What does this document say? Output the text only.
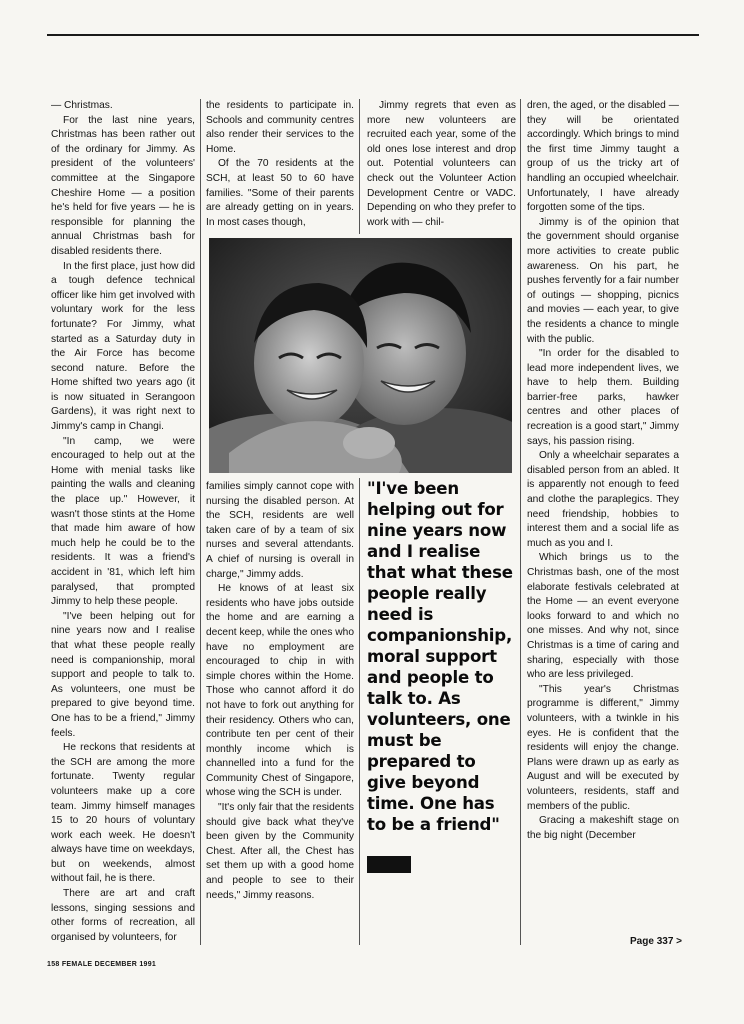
— Christmas.

For the last nine years, Christmas has been rather out of the ordinary for Jimmy. As president of the volunteers' committee at the Singapore Cheshire Home — a position he's held for five years — he is responsible for planning the annual Christmas bash for disabled residents there.

In the first place, just how did a tough defence technical officer like him get involved with voluntary work for the less fortunate? For Jimmy, what started as a Saturday duty in the Air Force has become second nature. Before the Home shifted two years ago (it is now situated in Serangoon Gardens), it was right next to Jimmy's camp in Changi.

"In camp, we were encouraged to help out at the Home with menial tasks like painting the walls and cleaning the place up." However, it wasn't those stints at the Home that made him aware of how much help he could be to the residents. It was a friend's accident in '81, which left him paralysed, that prompted Jimmy to help these people.

"I've been helping out for nine years now and I realise that what these people really need is companionship, moral support and people to talk to. As volunteers, one must be prepared to give beyond time. One has to be a friend," Jimmy feels.

He reckons that residents at the SCH are among the more fortunate. Twenty regular volunteers make up a core team. Jimmy himself manages 15 to 20 hours of voluntary work each week. He doesn't always have time on weekdays, but on weekends, almost without fail, he is there.

There are art and craft lessons, singing sessions and other forms of recreation, all organised by volunteers, for

the residents to participate in. Schools and community centres also render their services to the Home.

Of the 70 residents at the SCH, at least 50 to 60 have families. "Some of their parents are already getting on in years. In most cases though,

Jimmy regrets that even as more new volunteers are recruited each year, some of the old ones lose interest and drop out. Potential volunteers can check out the Volunteer Action Development Centre or VADC. Depending on who they prefer to work with — chil-

families simply cannot cope with nursing the disabled person. At the SCH, residents are well taken care of by a team of six nurses and several attendants. A chief of nursing is overall in charge," Jimmy adds.

He knows of at least six residents who have jobs outside the home and are earning a decent keep, while the ones who have no employment are encouraged to chip in with simple chores within the Home. Those who cannot afford it do not have to fork out anything for their residency. Others who can, contribute ten per cent of their monthly income which is channelled into a fund for the Community Chest of Singapore, whose wing the SCH is under.

"It's only fair that the residents should give back what they've been given by the Community Chest. After all, the Chest has set them up with a good home and people to see to their needs," Jimmy reasons.

"I've been helping out for nine years now and I realise that what these people really need is companionship, moral support and people to talk to. As volunteers, one must be prepared to give beyond time. One has to be a friend"

dren, the aged, or the disabled — they will be orientated accordingly. Which brings to mind the first time Jimmy taught a group of us the tricky art of handling an occupied wheelchair. Unfortunately, I have already forgotten some of the tips.

Jimmy is of the opinion that the government should organise more activities to create public awareness. On his part, he pushes fervently for a fair number of outings — shopping, picnics and movies — each year, to give the residents a chance to mingle with the public.

"In order for the disabled to lead more independent lives, we have to help them. Building barrier-free parks, hawker centres and other places of recreation is a good start," Jimmy says, his passion rising.

Only a wheelchair separates a disabled person from an abled. It is apparently not enough to feed and clothe the paraplegics. They need friendship, hobbies to interest them and a social life as much as you and I.

Which brings us to the Christmas bash, one of the most elaborate festivals celebrated at the Home — an event everyone looks forward to and which no one misses. And why not, since Christmas is a time of caring and sharing, especially with those who are less privileged.

"This year's Christmas programme is different," Jimmy volunteers, with a twinkle in his eyes. He is confident that the residents will enjoy the change. Plans were drawn up as early as August and will be executed by volunteers, residents, staff and members of the public.

Gracing a makeshift stage on the big night (December

Page 337 >
158 FEMALE DECEMBER 1991
